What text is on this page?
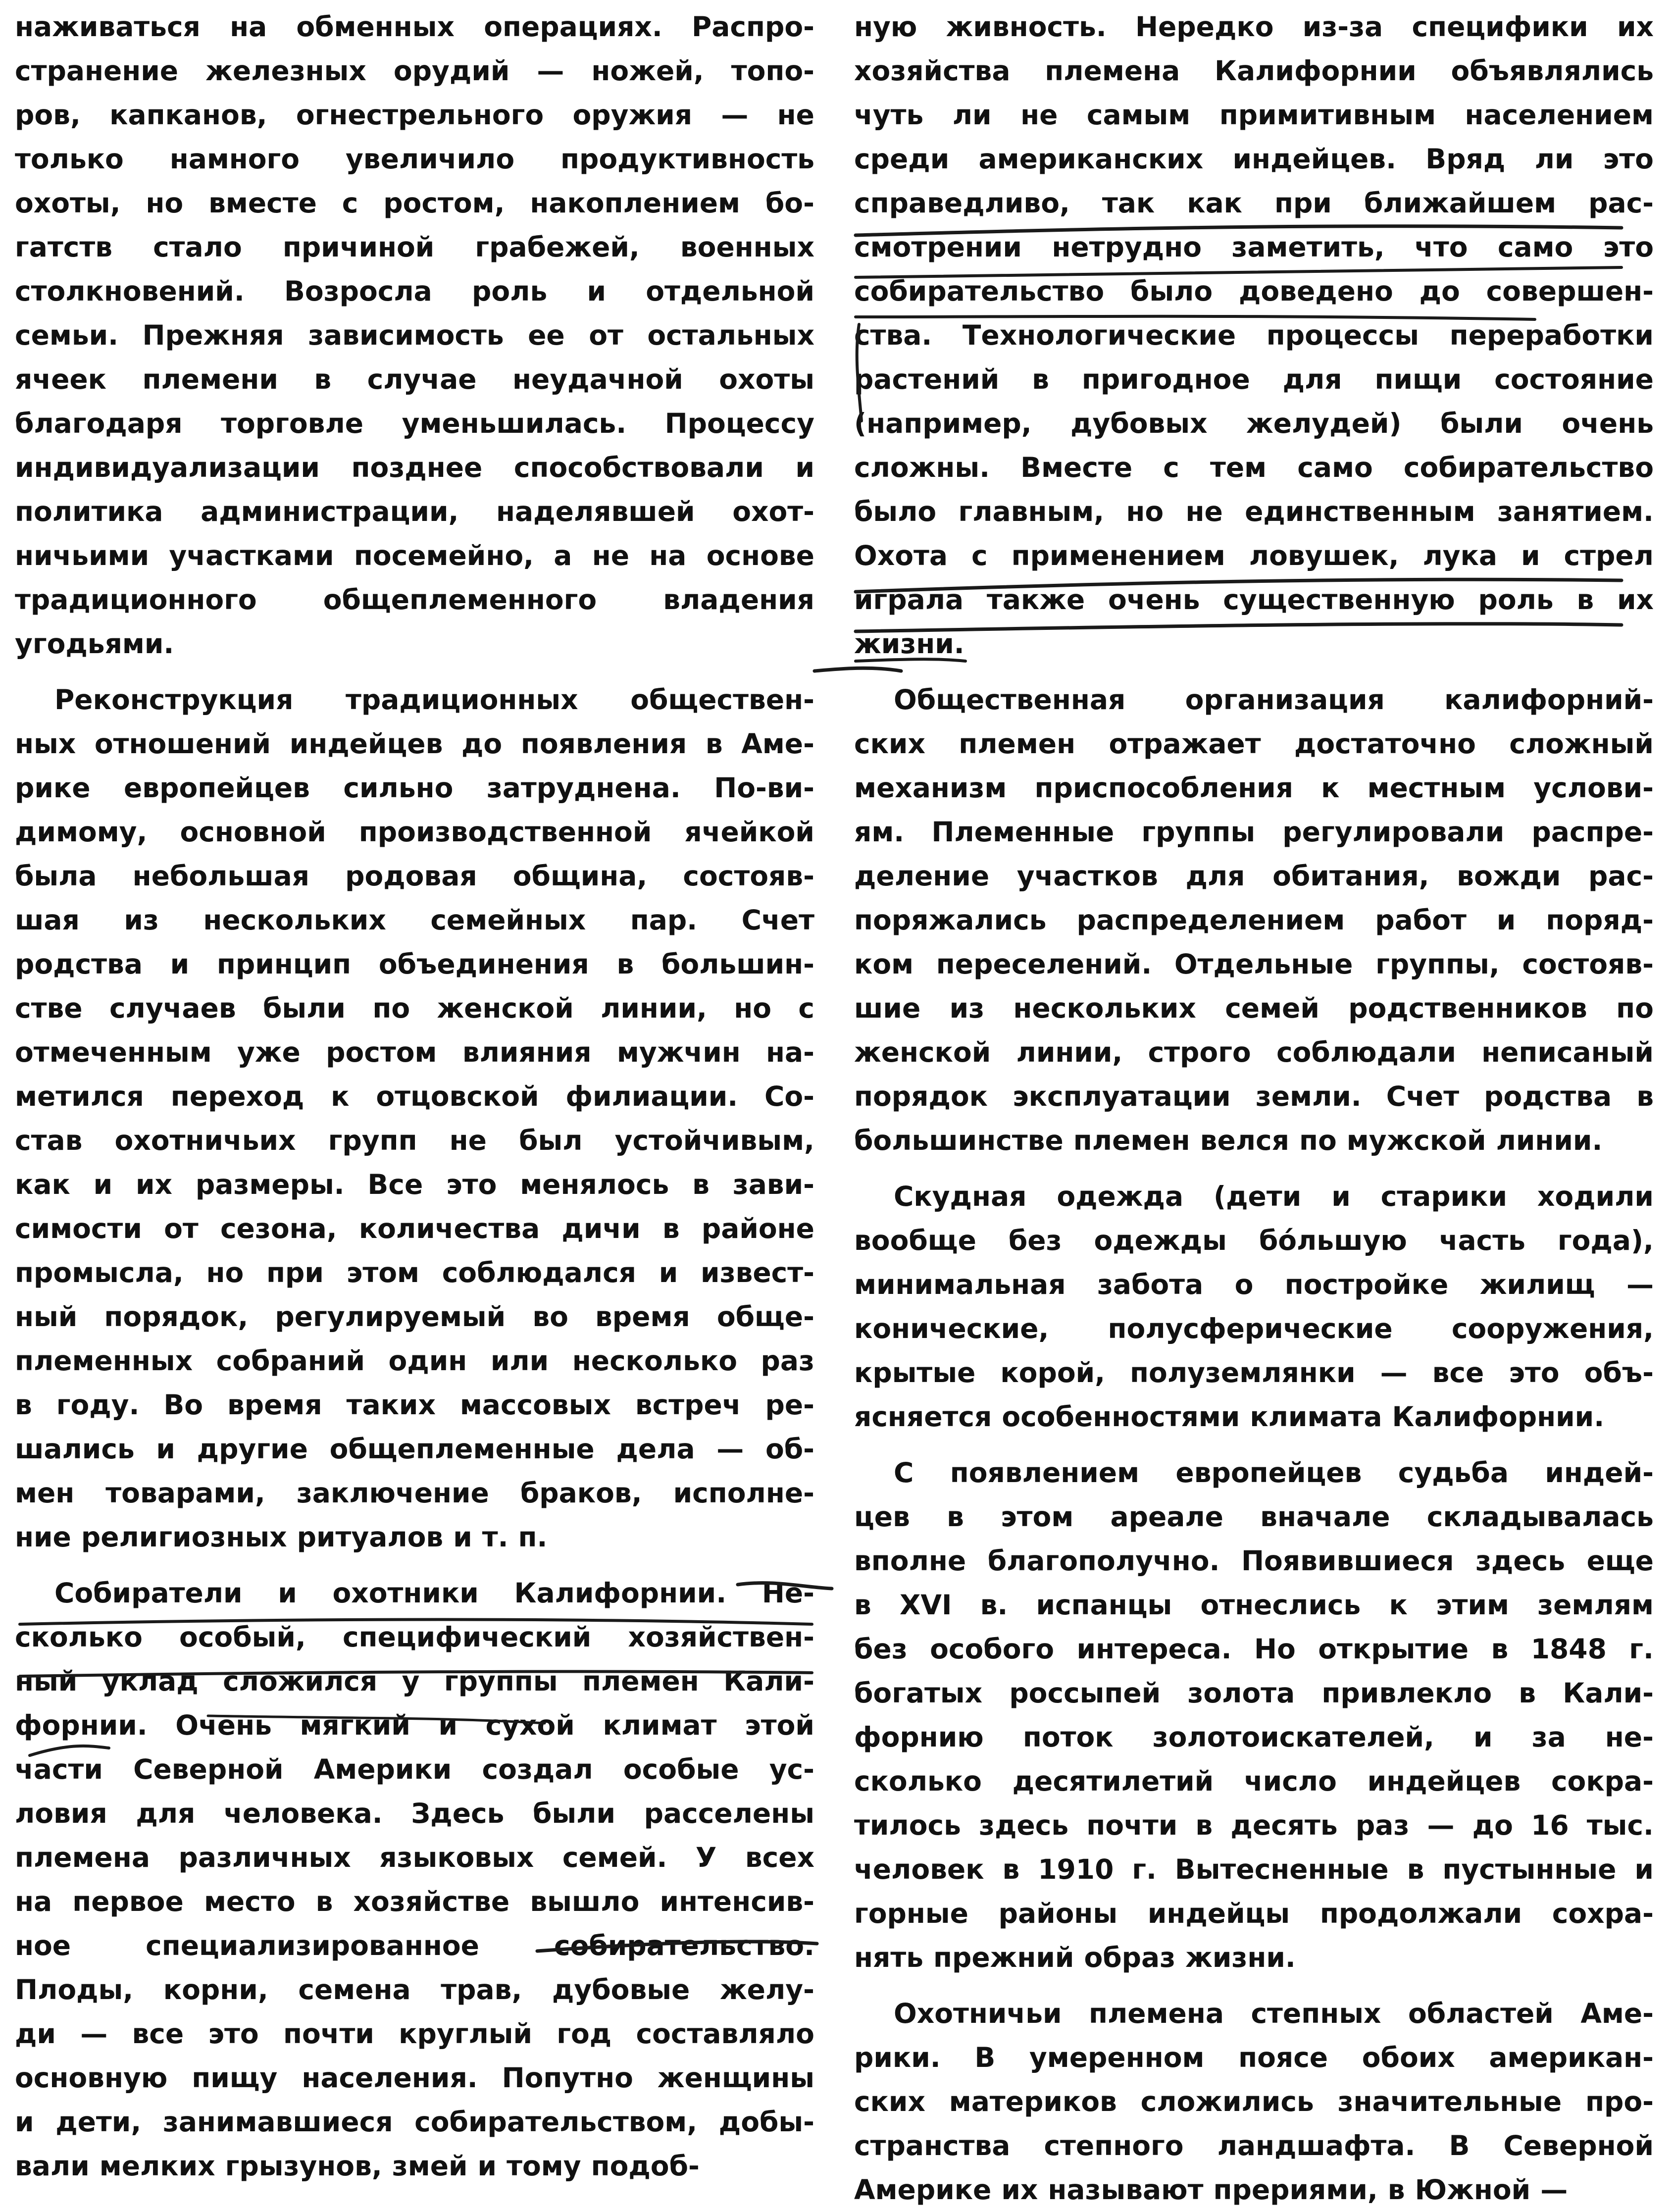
наживаться на обменных операциях. Распро-
странение железных орудий — ножей, топо-
ров, капканов, огнестрельного оружия — не
только намного увеличило продуктивность
охоты, но вместе с ростом, накоплением бо-
гатств стало причиной грабежей, военных
столкновений. Возросла роль и отдельной
семьи. Прежняя зависимость ее от остальных
ячеек племени в случае неудачной охоты
благодаря торговле уменьшилась. Процессу
индивидуализации позднее способствовали и
политика администрации, наделявшей охот-
ничьими участками посемейно, а не на основе
традиционного общеплеменного владения
угодьями.
Реконструкция традиционных обществен-
ных отношений индейцев до появления в Аме-
рике европейцев сильно затруднена. По-ви-
димому, основной производственной ячейкой
была небольшая родовая община, состояв-
шая из нескольких семейных пар. Счет
родства и принцип объединения в большин-
стве случаев были по женской линии, но с
отмеченным уже ростом влияния мужчин на-
метился переход к отцовской филиации. Со-
став охотничьих групп не был устойчивым,
как и их размеры. Все это менялось в зави-
симости от сезона, количества дичи в районе
промысла, но при этом соблюдался и извест-
ный порядок, регулируемый во время обще-
племенных собраний один или несколько раз
в году. Во время таких массовых встреч ре-
шались и другие общеплеменные дела — об-
мен товарами, заключение браков, исполне-
ние религиозных ритуалов и т. п.
Собиратели и охотники Калифорнии. Не-
сколько особый, специфический хозяйствен-
ный уклад сложился у группы племен Кали-
форнии. Очень мягкий и сухой климат этой
части Северной Америки создал особые ус-
ловия для человека. Здесь были расселены
племена различных языковых семей. У всех
на первое место в хозяйстве вышло интенсив-
ное	специализированное	собирательство.
Плоды, корни, семена трав, дубовые желу-
ди — все это почти круглый год составляло
основную пищу населения. Попутно женщины
и дети, занимавшиеся собирательством, добы-
вали мелких грызунов, змей и тому подоб-
ную живность. Нередко из-за специфики их
хозяйства племена Калифорнии объявлялись
чуть ли не самым примитивным населением
среди американских индейцев. Вряд ли это
справедливо, так как при ближайшем рас-
смотрении нетрудно заметить, что само это
собирательство было доведено до совершен-
ства. Технологические процессы переработки
растений в пригодное для пищи состояние
(например, дубовых желудей) были очень
сложны. Вместе с тем само собирательство
было главным, но не единственным занятием.
Охота с применением ловушек, лука и стрел
играла также очень существенную роль в их
жизни.
Общественная организация калифорний-
ских племен отражает достаточно сложный
механизм приспособления к местным услови-
ям. Племенные группы регулировали распре-
деление участков для обитания, вожди рас-
поряжались распределением работ и поряд-
ком переселений. Отдельные группы, состояв-
шие из нескольких семей родственников по
женской линии, строго соблюдали неписаный
порядок эксплуатации земли. Счет родства в
большинстве племен велся по мужской линии.
Скудная одежда (дети и старики ходили
вообще без одежды бо́льшую часть года),
минимальная забота о постройке жилищ —
конические, полусферические сооружения,
крытые корой, полуземлянки — все это объ-
ясняется особенностями климата Калифорнии.
С появлением европейцев судьба индей-
цев в этом ареале вначале складывалась
вполне благополучно. Появившиеся здесь еще
в XVI в. испанцы отнеслись к этим землям
без особого интереса. Но открытие в 1848 г.
богатых россыпей золота привлекло в Кали-
форнию поток золотоискателей, и за не-
сколько десятилетий число индейцев сокра-
тилось здесь почти в десять раз — до 16 тыс.
человек в 1910 г. Вытесненные в пустынные и
горные районы индейцы продолжали сохра-
нять прежний образ жизни.
Охотничьи племена степных областей Аме-
рики. В умеренном поясе обоих американ-
ских материков сложились значительные про-
странства степного ландшафта. В Северной
Америке их называют прериями, в Южной —
